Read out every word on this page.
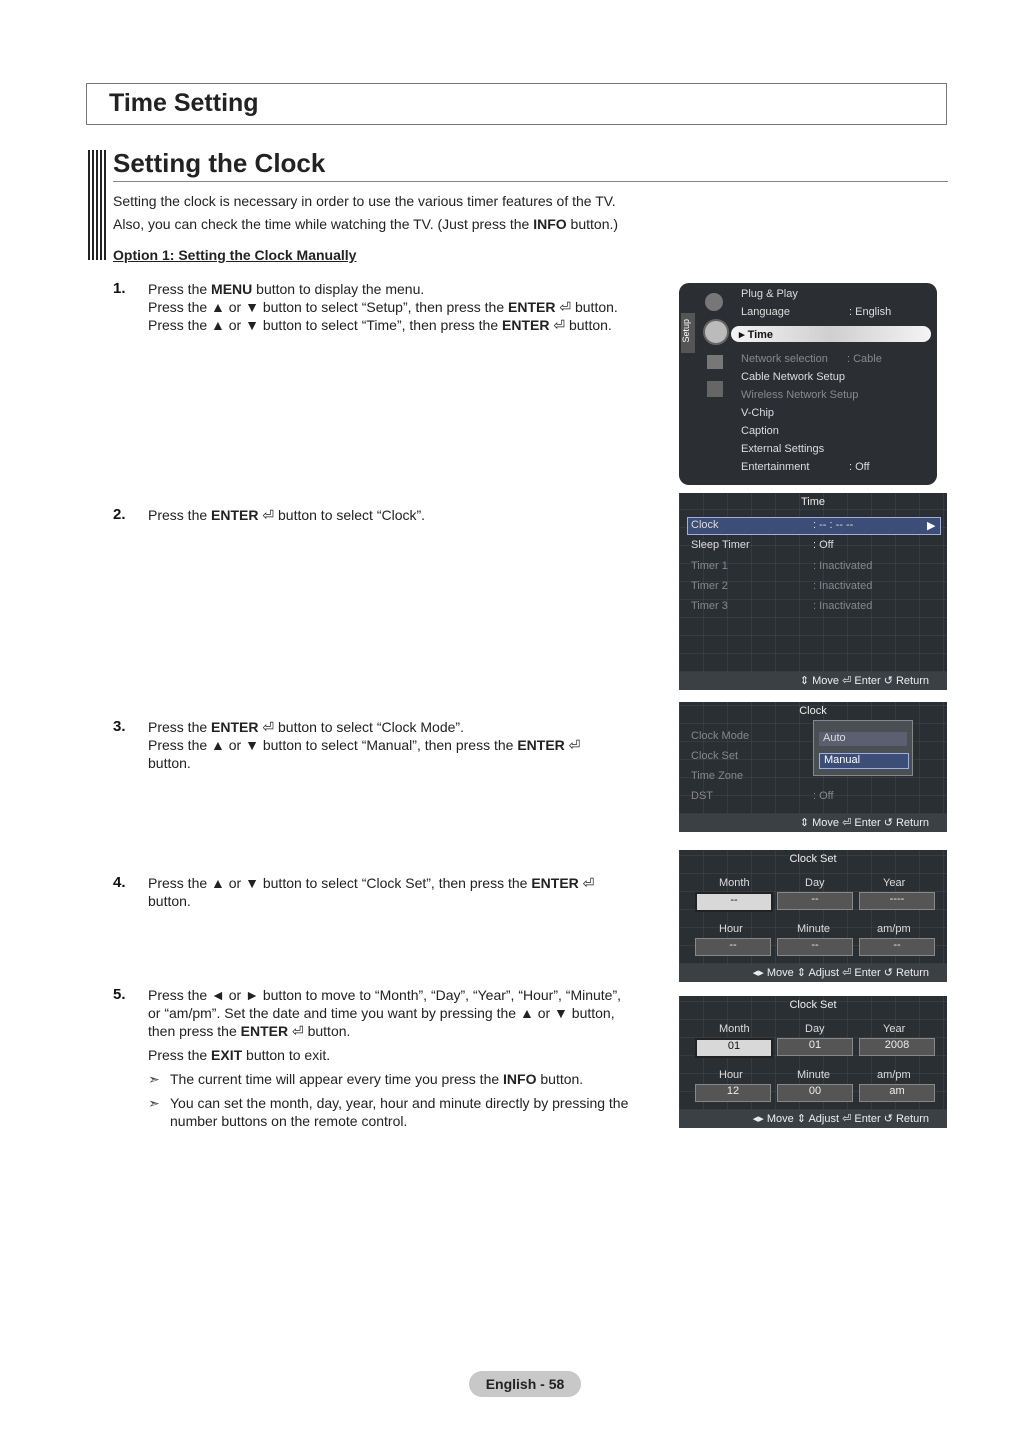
Time Setting
Setting the Clock
Setting the clock is necessary in order to use the various timer features of the TV.
Also, you can check the time while watching the TV. (Just press the INFO button.)
Option 1: Setting the Clock Manually
1. Press the MENU button to display the menu.
Press the ▲ or ▼ button to select “Setup”, then press the ENTER ⏎ button.
Press the ▲ or ▼ button to select “Time”, then press the ENTER ⏎ button.
2. Press the ENTER ⏎ button to select “Clock”.
3. Press the ENTER ⏎ button to select “Clock Mode”.
Press the ▲ or ▼ button to select “Manual”, then press the ENTER ⏎
button.
4. Press the ▲ or ▼ button to select “Clock Set”, then press the ENTER ⏎
button.
5. Press the ◄ or ► button to move to “Month”, “Day”, “Year”, “Hour”, “Minute”,
or “am/pm”. Set the date and time you want by pressing the ▲ or ▼ button,
then press the ENTER ⏎ button.
Press the EXIT button to exit.
➣ The current time will appear every time you press the INFO button.
➣ You can set the month, day, year, hour and minute directly by pressing the
number buttons on the remote control.
Setup
Plug & Play
Language	: English
▸ Time
Network selection : Cable
Cable Network Setup
Wireless Network Setup
V-Chip
Caption
External Settings
Entertainment	: Off
Time
Clock	: -- : -- --	▶
Sleep Timer	: Off
Timer 1	: Inactivated
Timer 2	: Inactivated
Timer 3	: Inactivated
⇕ Move ⏎ Enter ↺ Return
Clock
Clock Mode
Clock Set
Time Zone
DST	: Off
Auto
Manual
⇕ Move ⏎ Enter ↺ Return
Clock Set
Month	Day	Year
--	--	----
Hour	Minute	am/pm
--	--	--
◂▸ Move ⇕ Adjust ⏎ Enter ↺ Return
Clock Set
Month	Day	Year
01	01	2008
Hour	Minute	am/pm
12	00	am
◂▸ Move ⇕ Adjust ⏎ Enter ↺ Return
English - 58
